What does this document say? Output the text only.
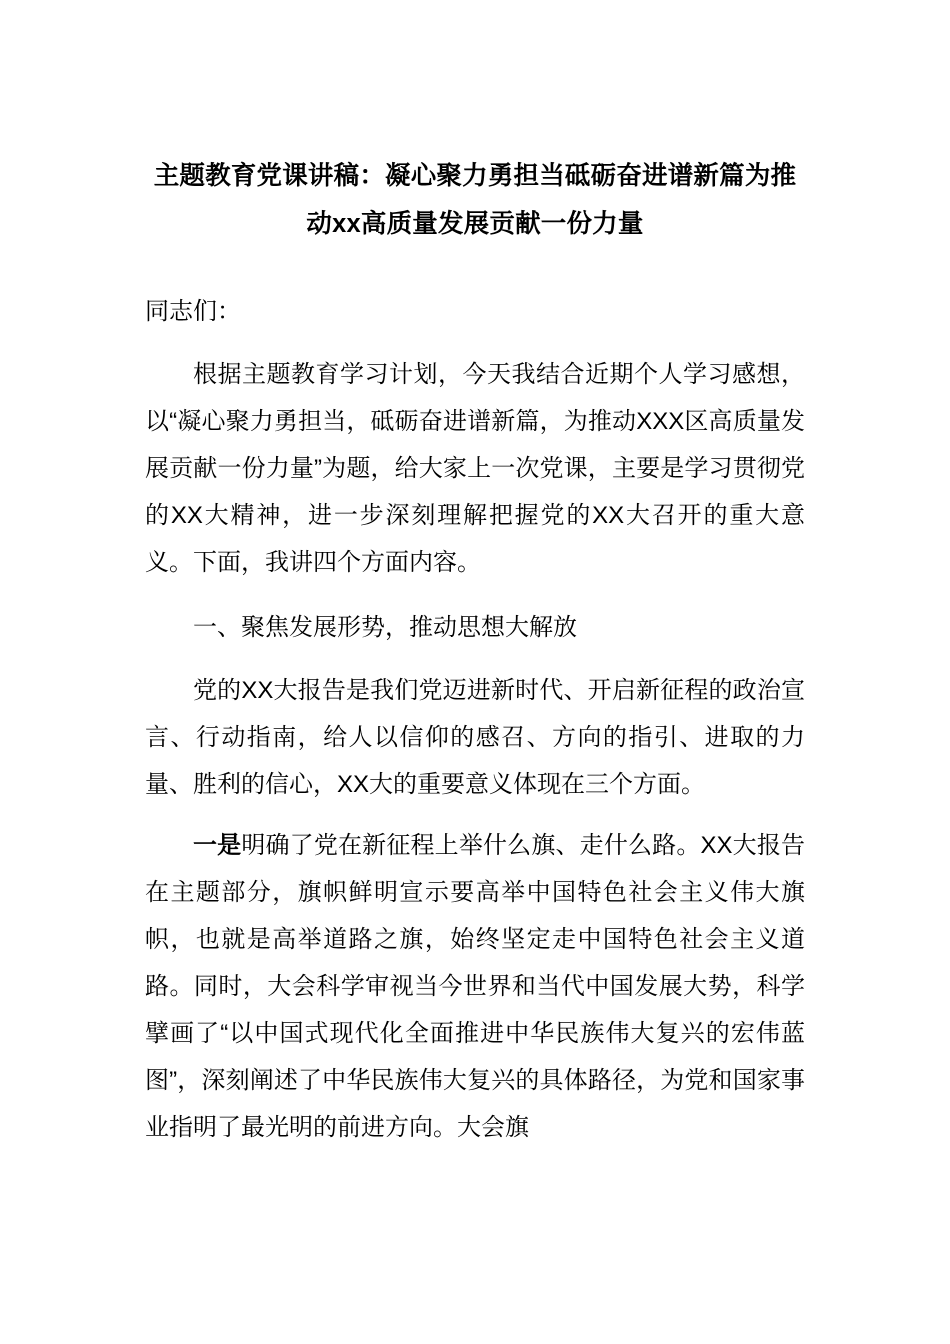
主题教育党课讲稿：凝心聚力勇担当砥砺奋进谱新篇为推 动xx高质量发展贡献一份力量

同志们：

根据主题教育学习计划，今天我结合近期个人学习感想，以“凝心聚力勇担当，砥砺奋进谱新篇，为推动XXX区高质量发展贡献一份力量”为题，给大家上一次党课，主要是学习贯彻党的XX大精神，进一步深刻理解把握党的XX大召开的重大意义。下面，我讲四个方面内容。

一、聚焦发展形势，推动思想大解放

党的XX大报告是我们党迈进新时代、开启新征程的政治宣言、行动指南，给人以信仰的感召、方向的指引、进取的力量、胜利的信心，XX大的重要意义体现在三个方面。

一是明确了党在新征程上举什么旗、走什么路。XX大报告在主题部分，旗帜鲜明宣示要高举中国特色社会主义伟大旗帜，也就是高举道路之旗，始终坚定走中国特色社会主义道路。同时，大会科学审视当今世界和当代中国发展大势，科学擘画了“以中国式现代化全面推进中华民族伟大复兴的宏伟蓝图”，深刻阐述了中华民族伟大复兴的具体路径，为党和国家事业指明了最光明的前进方向。大会旗
